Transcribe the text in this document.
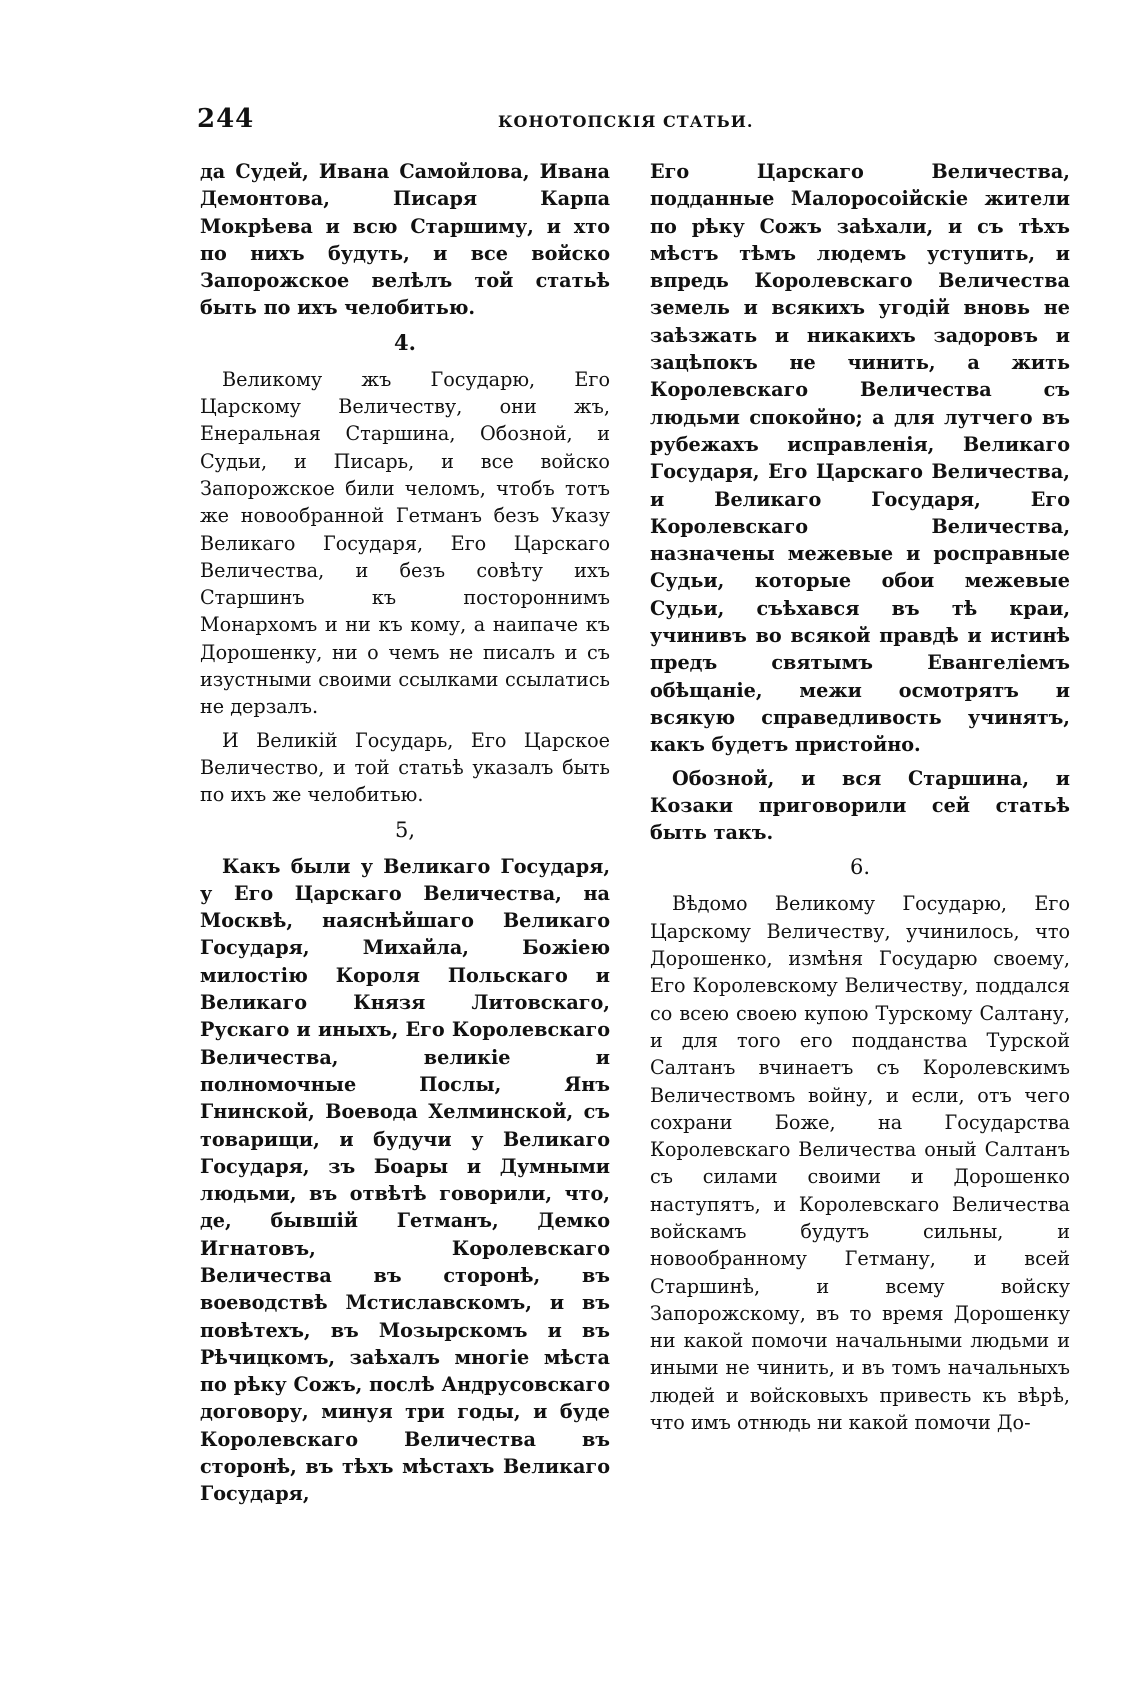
244	КОНОТОПСКІЯ СТАТЬИ.

да Судей, Ивана Самойлова, Ивана Демонтова, Писаря Карпа Мокрѣева и всю Старшиму, и хто по нихъ будуть, и все войско Запорожское велѣлъ той статьѣ быть по ихъ челобитью.

4.

Великому жъ Государю, Его Царскому Величеству, они жъ, Енеральная Старшина, Обозной, и Судьи, и Писарь, и все войско Запорожское били челомъ, чтобъ тотъ же новообранной Гетманъ безъ Указу Великаго Государя, Его Царскаго Величества, и безъ совѣту ихъ Старшинъ къ постороннимъ Монархомъ и ни къ кому, а наипаче къ Дорошенку, ни о чемъ не писалъ и съ изустными своими ссылками ссылатись не дерзалъ.

И Великій Государь, Его Царское Величество, и той статьѣ указалъ быть по ихъ же челобитью.

5,

Какъ были у Великаго Государя, у Его Царскаго Величества, на Москвѣ, наяснѣйшаго Великаго Государя, Михайла, Божіею милостію Короля Польскаго и Великаго Князя Литовскаго, Рускаго и иныхъ, Его Королевскаго Величества, великіе и полномочные Послы, Янъ Гнинской, Воевода Хелминской, съ товарищи, и будучи у Великаго Государя, зъ Боары и Думными людьми, въ отвѣтѣ говорили, что, де, бывшій Гетманъ, Демко Игнатовъ, Королевскаго Величества въ сторонѣ, въ воеводствѣ Мстиславскомъ, и въ повѣтехъ, въ Мозырскомъ и въ Рѣчицкомъ, заѣхалъ многіе мѣста по рѣку Сожъ, послѣ Андрусовскаго договору, минуя три годы, и буде Королевскаго Величества въ сторонѣ, въ тѣхъ мѣстахъ Великаго Государя,

Его Царскаго Величества, подданные Малоросоійскіе жители по рѣку Сожъ заѣхали, и съ тѣхъ мѣстъ тѣмъ людемъ уступить, и впредь Королевскаго Величества земель и всякихъ угодій вновь не заѣзжать и никакихъ задоровъ и зацѣпокъ не чинить, а жить Королевскаго Величества съ людьми спокойно; а для лутчего въ рубежахъ исправленія, Великаго Государя, Его Царскаго Величества, и Великаго Государя, Его Королевскаго Величества, назначены межевые и росправные Судьи, которые обои межевые Судьи, съѣхався въ тѣ краи, учинивъ во всякой правдѣ и истинѣ предъ святымъ Евангеліемъ обѣщаніе, межи осмотрятъ и всякую справедливость учинятъ, какъ будетъ пристойно.

Обозной, и вся Старшина, и Козаки приговорили сей статьѣ быть такъ.

6.

Вѣдомо Великому Государю, Его Царскому Величеству, учинилось, что Дорошенко, измѣня Государю своему, Его Королевскому Величеству, поддался со всею своею купою Турскому Салтану, и для того его подданства Турской Салтанъ вчинаетъ съ Королевскимъ Величествомъ войну, и если, отъ чего сохрани Боже, на Государства Королевскаго Величества оный Салтанъ съ силами своими и Дорошенко наступятъ, и Королевскаго Величества войскамъ будутъ сильны, и новообранному Гетману, и всей Старшинѣ, и всему войску Запорожскому, въ то время Дорошенку ни какой помочи начальными людьми и иными не чинить, и въ томъ начальныхъ людей и войсковыхъ привесть къ вѣрѣ, что имъ отнюдь ни какой помочи До-
